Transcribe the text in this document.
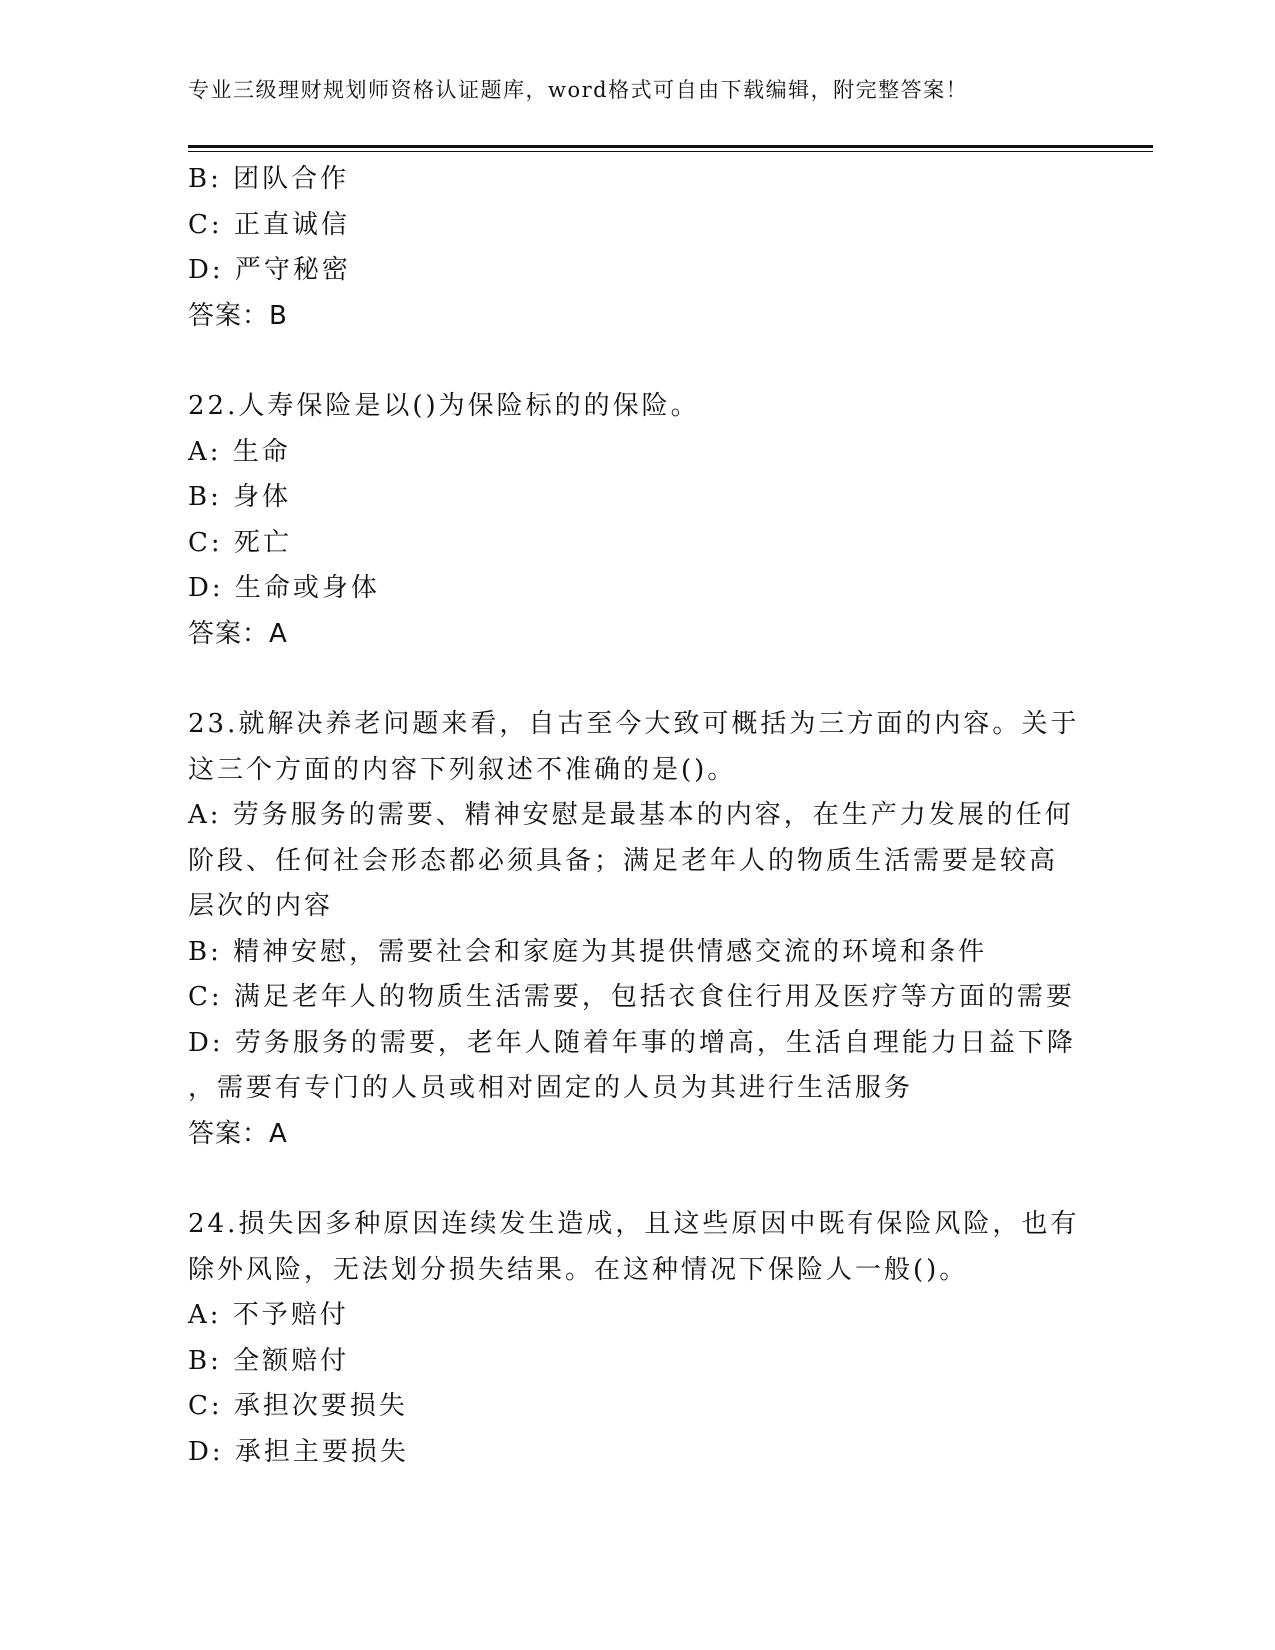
专业三级理财规划师资格认证题库，word格式可自由下载编辑，附完整答案！
B: 团队合作
C: 正直诚信
D: 严守秘密
答案：B
22.人寿保险是以()为保险标的的保险。
A: 生命
B: 身体
C: 死亡
D: 生命或身体
答案：A
23.就解决养老问题来看，自古至今大致可概括为三方面的内容。关于
这三个方面的内容下列叙述不准确的是()。
A: 劳务服务的需要、精神安慰是最基本的内容，在生产力发展的任何
阶段、任何社会形态都必须具备；满足老年人的物质生活需要是较高
层次的内容
B: 精神安慰，需要社会和家庭为其提供情感交流的环境和条件
C: 满足老年人的物质生活需要，包括衣食住行用及医疗等方面的需要
D: 劳务服务的需要，老年人随着年事的增高，生活自理能力日益下降
，需要有专门的人员或相对固定的人员为其进行生活服务
答案：A
24.损失因多种原因连续发生造成，且这些原因中既有保险风险，也有
除外风险，无法划分损失结果。在这种情况下保险人一般()。
A: 不予赔付
B: 全额赔付
C: 承担次要损失
D: 承担主要损失
